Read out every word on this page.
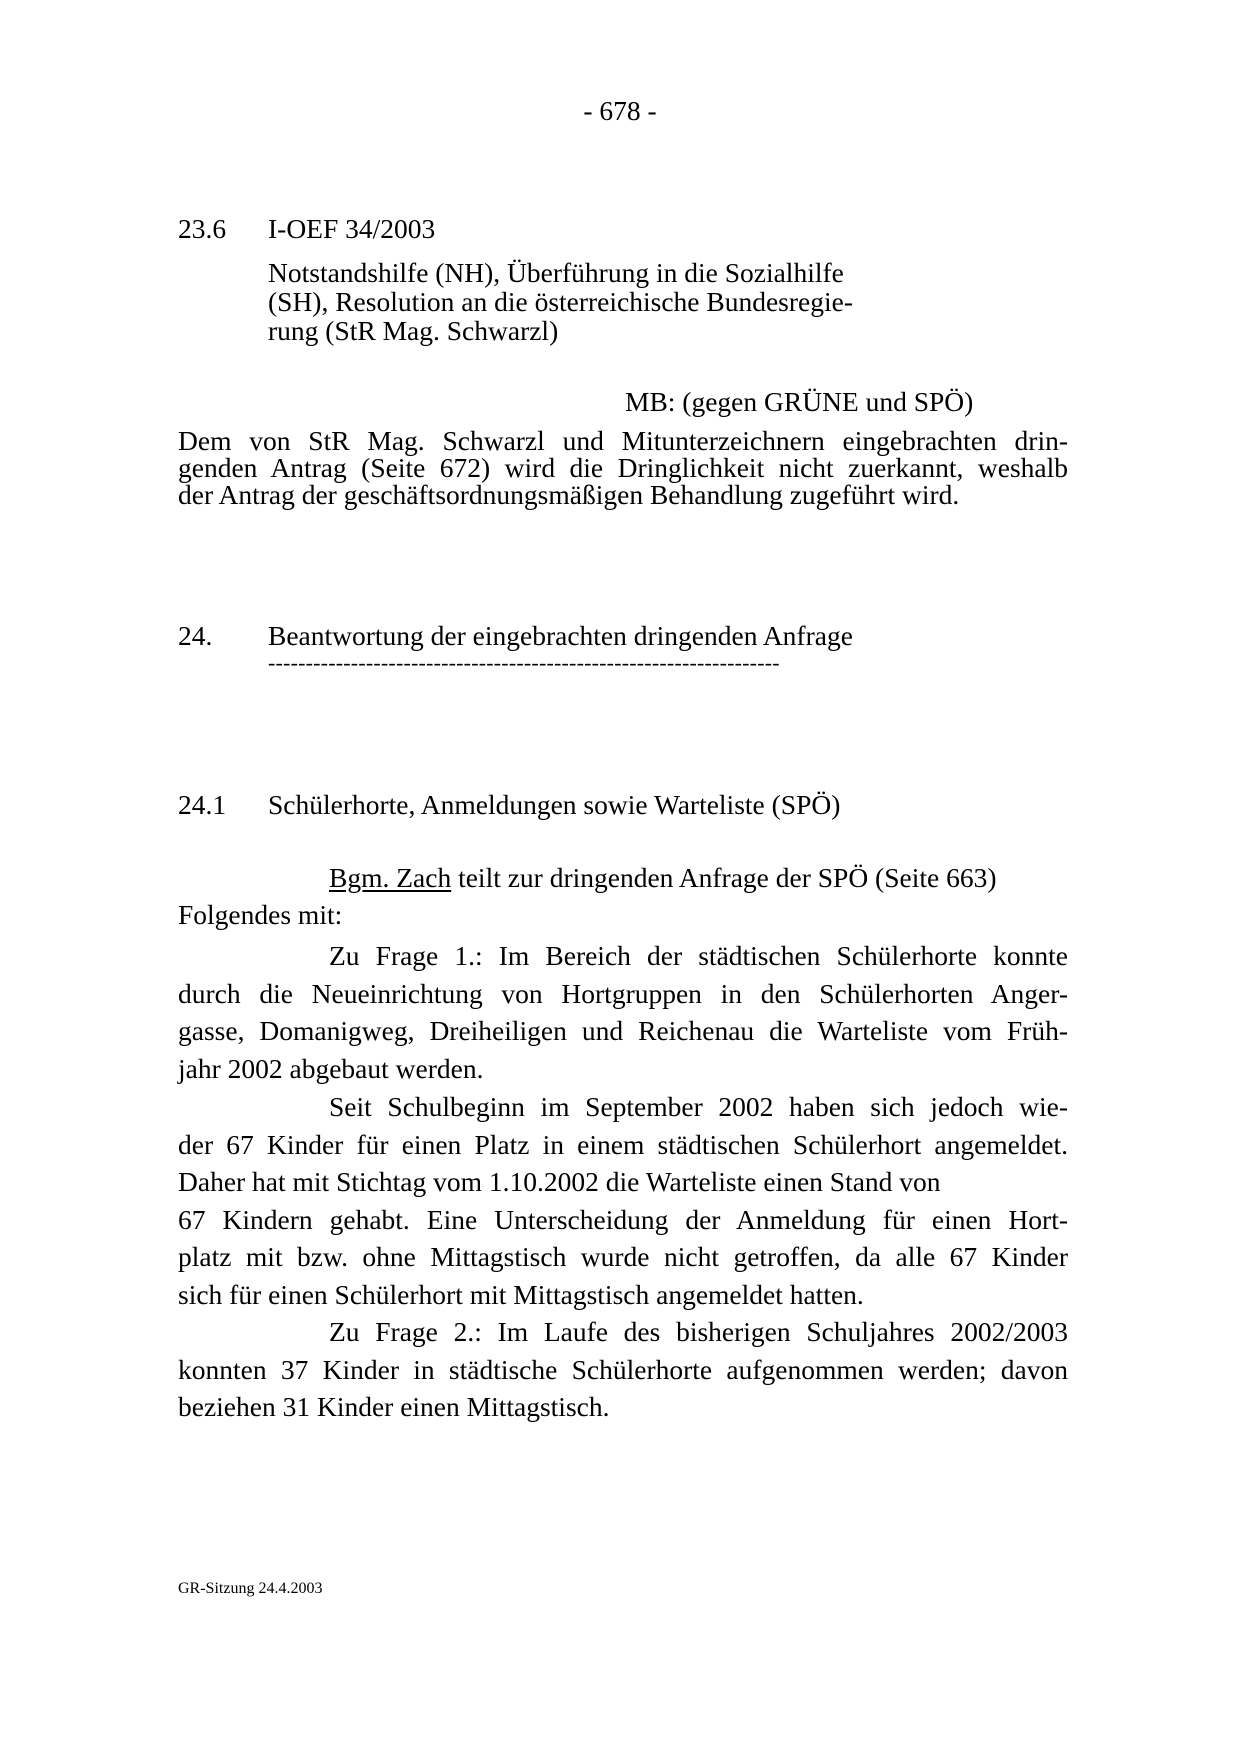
- 678 -
23.6 I-OEF 34/2003
Notstandshilfe (NH), Überführung in die Sozialhilfe
(SH), Resolution an die österreichische Bundesregie-
rung (StR Mag. Schwarzl)
MB: (gegen GRÜNE und SPÖ)
Dem von StR Mag. Schwarzl und Mitunterzeichnern eingebrachten drin-
genden Antrag (Seite 672) wird die Dringlichkeit nicht zuerkannt, weshalb
der Antrag der geschäftsordnungsmäßigen Behandlung zugeführt wird.
24. Beantwortung der eingebrachten dringenden Anfrage
--------------------------------------------------------------------
24.1 Schülerhorte, Anmeldungen sowie Warteliste (SPÖ)
Bgm. Zach teilt zur dringenden Anfrage der SPÖ (Seite 663)
Folgendes mit:
Zu Frage 1.: Im Bereich der städtischen Schülerhorte konnte
durch die Neueinrichtung von Hortgruppen in den Schülerhorten Anger-
gasse, Domanigweg, Dreiheiligen und Reichenau die Warteliste vom Früh-
jahr 2002 abgebaut werden.
Seit Schulbeginn im September 2002 haben sich jedoch wie-
der 67 Kinder für einen Platz in einem städtischen Schülerhort angemeldet.
Daher hat mit Stichtag vom 1.10.2002 die Warteliste einen Stand von
67 Kindern gehabt. Eine Unterscheidung der Anmeldung für einen Hort-
platz mit bzw. ohne Mittagstisch wurde nicht getroffen, da alle 67 Kinder
sich für einen Schülerhort mit Mittagstisch angemeldet hatten.
Zu Frage 2.: Im Laufe des bisherigen Schuljahres 2002/2003
konnten 37 Kinder in städtische Schülerhorte aufgenommen werden; davon
beziehen 31 Kinder einen Mittagstisch.
GR-Sitzung 24.4.2003
